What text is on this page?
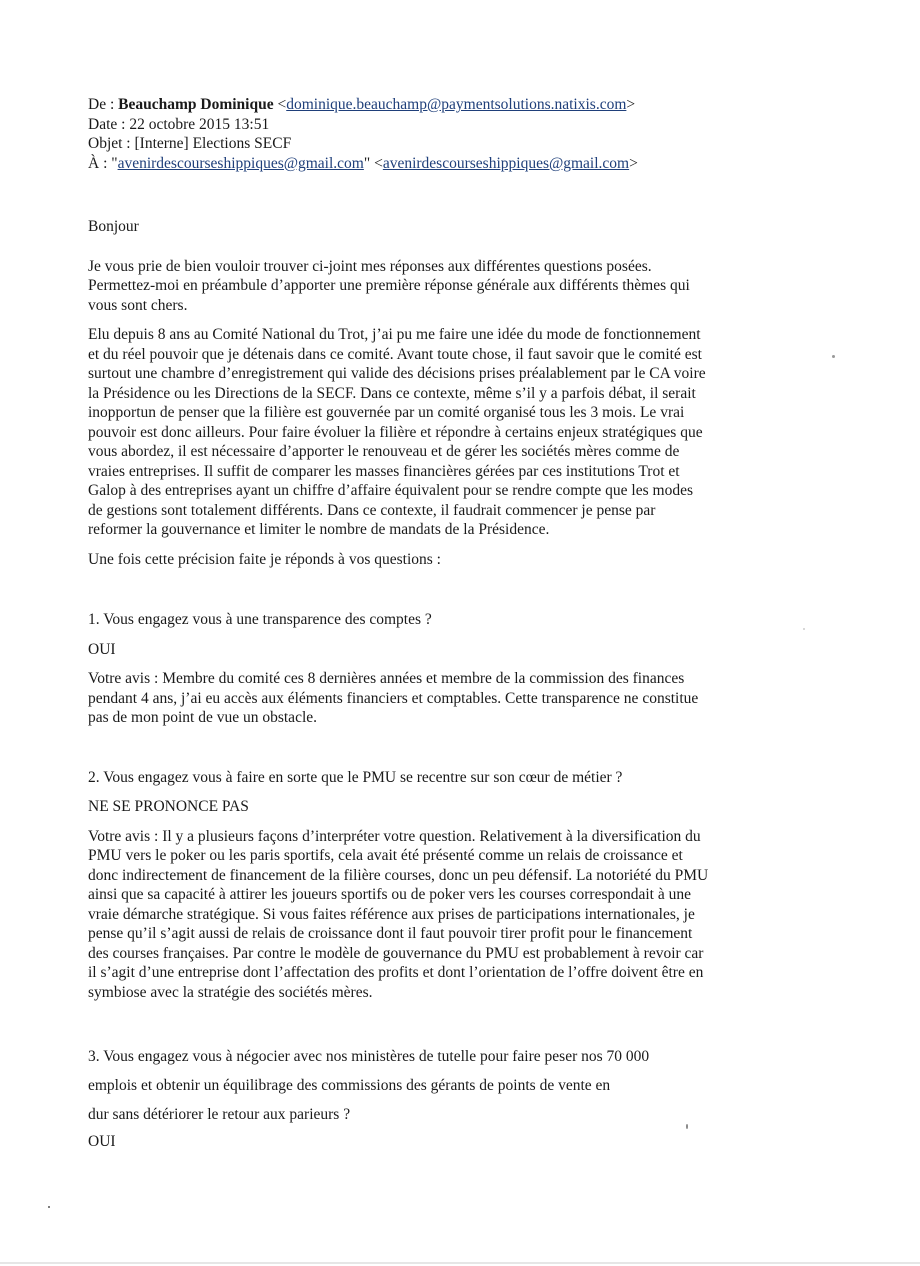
De : Beauchamp Dominique <dominique.beauchamp@paymentsolutions.natixis.com>
Date : 22 octobre 2015 13:51
Objet : [Interne] Elections SECF
À : "avenirdescourseshippiques@gmail.com" <avenirdescourseshippiques@gmail.com>

Bonjour

Je vous prie de bien vouloir trouver ci-joint mes réponses aux différentes questions posées.
Permettez-moi en préambule d’apporter une première réponse générale aux différents thèmes qui
vous sont chers.
Elu depuis 8 ans au Comité National du Trot, j’ai pu me faire une idée du mode de fonctionnement
et du réel pouvoir que je détenais dans ce comité. Avant toute chose, il faut savoir que le comité est
surtout une chambre d’enregistrement qui valide des décisions prises préalablement par le CA voire
la Présidence ou les Directions de la SECF. Dans ce contexte, même s’il y a parfois débat, il serait
inopportun de penser que la filière est gouvernée par un comité organisé tous les 3 mois. Le vrai
pouvoir est donc ailleurs. Pour faire évoluer la filière et répondre à certains enjeux stratégiques que
vous abordez, il est nécessaire d’apporter le renouveau et de gérer les sociétés mères comme de
vraies entreprises. Il suffit de comparer les masses financières gérées par ces institutions Trot et
Galop à des entreprises ayant un chiffre d’affaire équivalent pour se rendre compte que les modes
de gestions sont totalement différents. Dans ce contexte, il faudrait commencer je pense par
reformer la gouvernance et limiter le nombre de mandats de la Présidence.

Une fois cette précision faite je réponds à vos questions :

1. Vous engagez vous à une transparence des comptes ?

OUI

Votre avis : Membre du comité ces 8 dernières années et membre de la commission des finances
pendant 4 ans, j’ai eu accès aux éléments financiers et comptables. Cette transparence ne constitue
pas de mon point de vue un obstacle.

2. Vous engagez vous à faire en sorte que le PMU se recentre sur son cœur de métier ?

NE SE PRONONCE PAS

Votre avis : Il y a plusieurs façons d’interpréter votre question. Relativement à la diversification du
PMU vers le poker ou les paris sportifs, cela avait été présenté comme un relais de croissance et
donc indirectement de financement de la filière courses, donc un peu défensif. La notoriété du PMU
ainsi que sa capacité à attirer les joueurs sportifs ou de poker vers les courses correspondait à une
vraie démarche stratégique. Si vous faites référence aux prises de participations internationales, je
pense qu’il s’agit aussi de relais de croissance dont il faut pouvoir tirer profit pour le financement
des courses françaises. Par contre le modèle de gouvernance du PMU est probablement à revoir car
il s’agit d’une entreprise dont l’affectation des profits et dont l’orientation de l’offre doivent être en
symbiose avec la stratégie des sociétés mères.
3. Vous engagez vous à négocier avec nos ministères de tutelle pour faire peser nos 70 000
emplois et obtenir un équilibrage des commissions des gérants de points de vente en
dur sans détériorer le retour aux parieurs ?

OUI
